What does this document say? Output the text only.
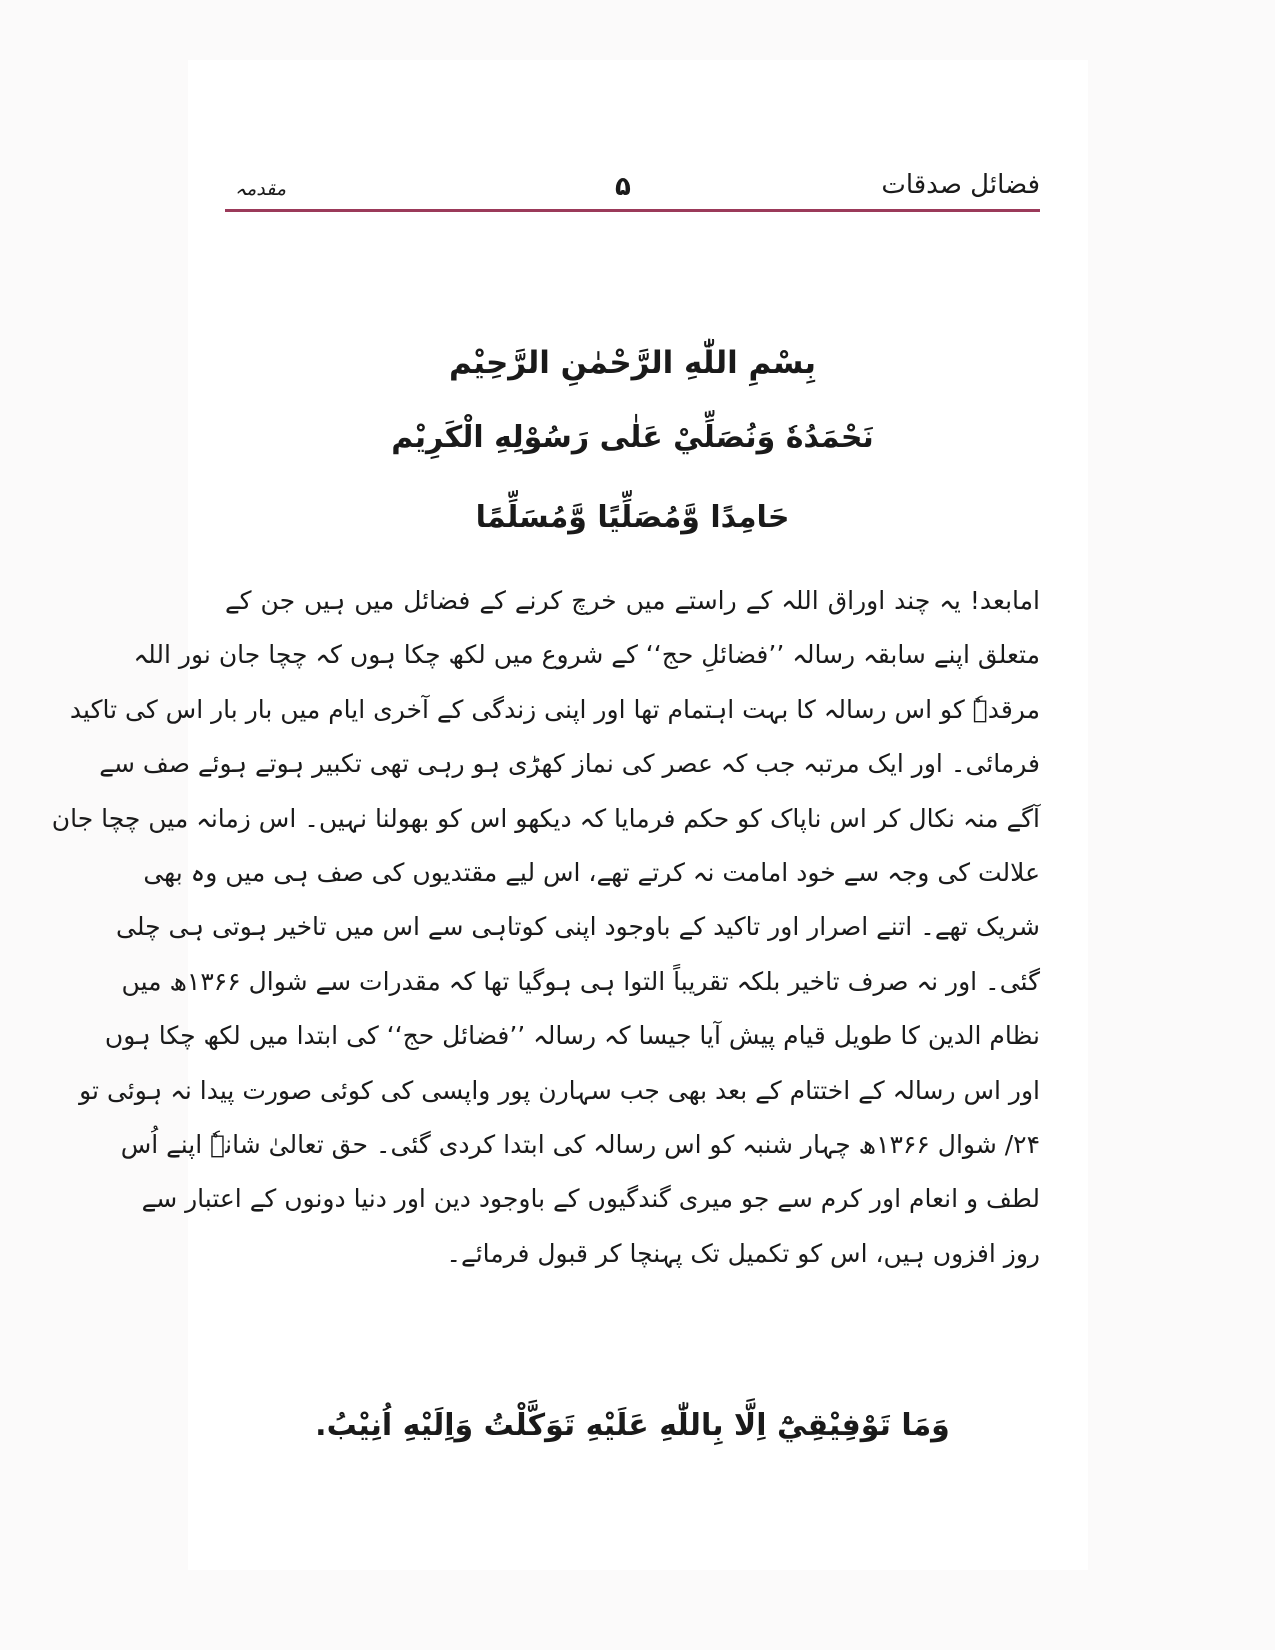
فضائل صدقات
۵
مقدمہ
بِسْمِ اللّٰهِ الرَّحْمٰنِ الرَّحِيْم
نَحْمَدُهٗ وَنُصَلِّيْ عَلٰى رَسُوْلِهِ الْكَرِيْم
حَامِدًا وَّمُصَلِّيًا وَّمُسَلِّمًا
امابعد! یہ چند اوراق اللہ کے راستے میں خرچ کرنے کے فضائل میں ہیں جن کے
متعلق اپنے سابقہ رسالہ ’’فضائلِ حج‘‘ کے شروع میں لکھ چکا ہوں کہ چچا جان نور اللہ
مرقدہٗ کو اس رسالہ کا بہت اہتمام تھا اور اپنی زندگی کے آخری ایام میں بار بار اس کی تاکید
فرمائی۔ اور ایک مرتبہ جب کہ عصر کی نماز کھڑی ہو رہی تھی تکبیر ہوتے ہوئے صف سے
آگے منہ نکال کر اس ناپاک کو حکم فرمایا کہ دیکھو اس کو بھولنا نہیں۔ اس زمانہ میں چچا جان
علالت کی وجہ سے خود امامت نہ کرتے تھے، اس لیے مقتدیوں کی صف ہی میں وہ بھی
شریک تھے۔ اتنے اصرار اور تاکید کے باوجود اپنی کوتاہی سے اس میں تاخیر ہوتی ہی چلی
گئی۔ اور نہ صرف تاخیر بلکہ تقریباً التوا ہی ہوگیا تھا کہ مقدرات سے شوال ۱۳۶۶ھ میں
نظام الدین کا طویل قیام پیش آیا جیسا کہ رسالہ ’’فضائل حج‘‘ کی ابتدا میں لکھ چکا ہوں
اور اس رسالہ کے اختتام کے بعد بھی جب سہارن پور واپسی کی کوئی صورت پیدا نہ ہوئی تو
۲۴/ شوال ۱۳۶۶ھ چہار شنبہ کو اس رسالہ کی ابتدا کردی گئی۔ حق تعالیٰ شانہٗ اپنے اُس
لطف و انعام اور کرم سے جو میری گندگیوں کے باوجود دین اور دنیا دونوں کے اعتبار سے
روز افزوں ہیں، اس کو تکمیل تک پہنچا کر قبول فرمائے۔
وَمَا تَوْفِيْقِيْٓ اِلَّا بِاللّٰهِ عَلَيْهِ تَوَكَّلْتُ وَاِلَيْهِ اُنِيْبُ.
